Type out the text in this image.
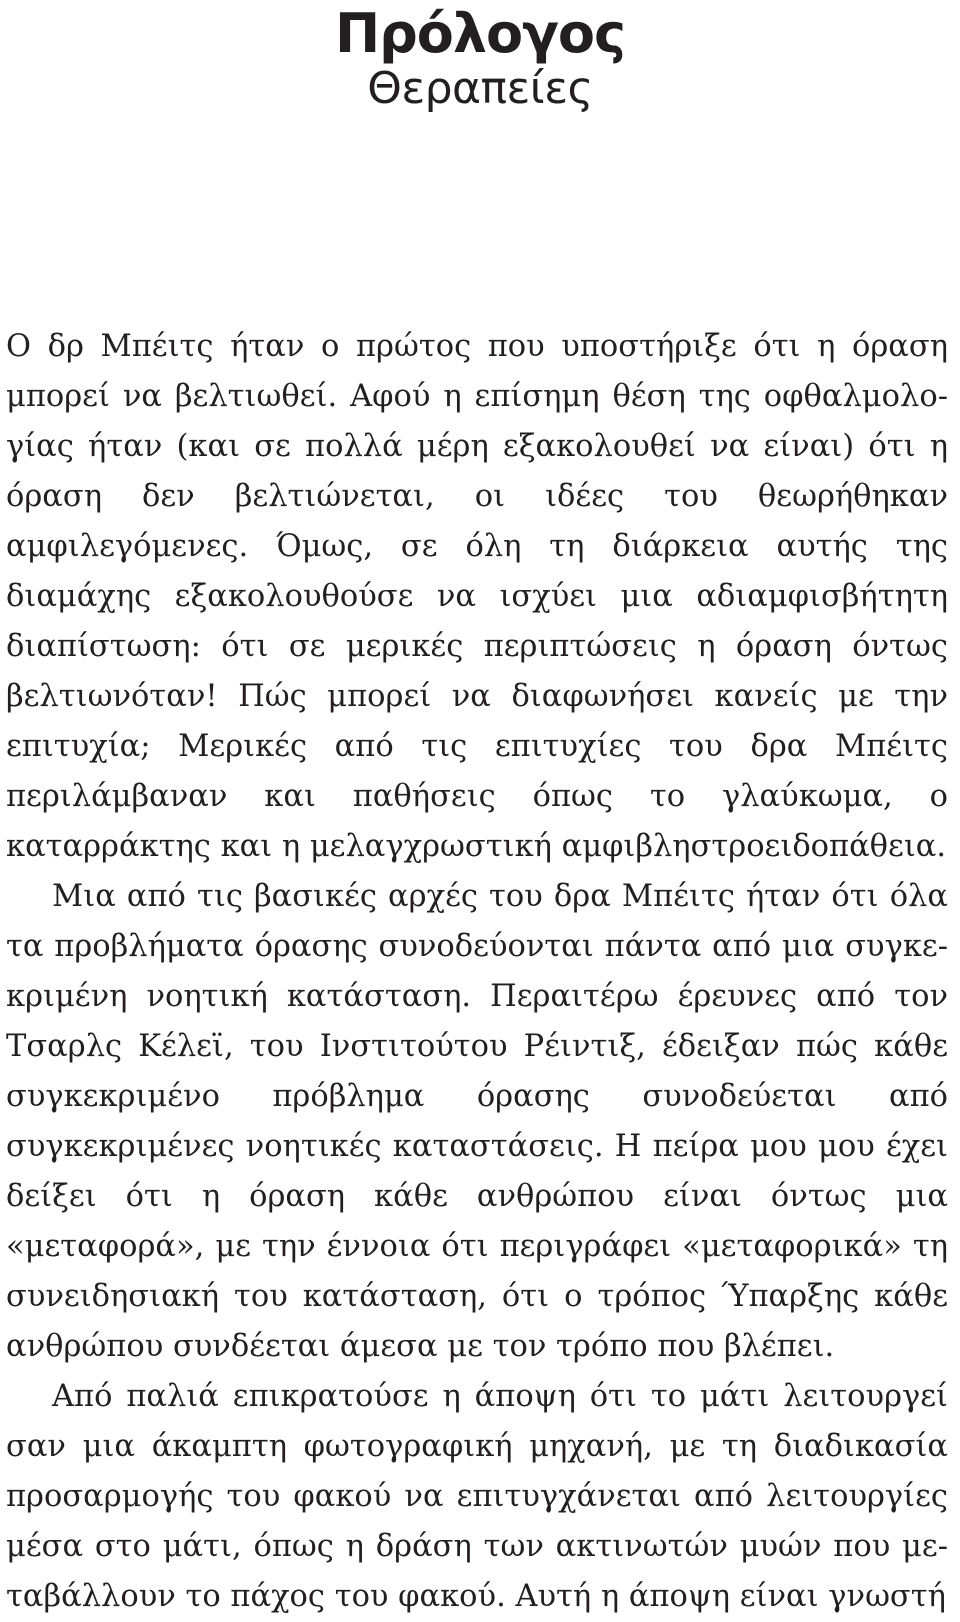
Πρόλογος
Θεραπείες

Ο δρ Μπέιτς ήταν ο πρώτος που υποστήριξε ότι η όραση μπορεί να βελτιωθεί. Αφού η επίσημη θέση της οφθαλμολογίας ήταν (και σε πολλά μέρη εξακολουθεί να είναι) ότι η όραση δεν βελτιώνεται, οι ιδέες του θεωρήθηκαν αμφιλεγόμενες. Όμως, σε όλη τη διάρκεια αυτής της διαμάχης εξακολουθούσε να ισχύει μια αδιαμφισβήτητη διαπίστωση: ότι σε μερικές περιπτώσεις η όραση όντως βελτιωνόταν! Πώς μπορεί να διαφωνήσει κανείς με την επιτυχία; Μερικές από τις επιτυχίες του δρα Μπέιτς περιλάμβαναν και παθήσεις όπως το γλαύκωμα, ο καταρράκτης και η μελαγχρωστική αμφιβληστροειδοπάθεια.

Μια από τις βασικές αρχές του δρα Μπέιτς ήταν ότι όλα τα προβλήματα όρασης συνοδεύονται πάντα από μια συγκεκριμένη νοητική κατάσταση. Περαιτέρω έρευνες από τον Τσαρλς Κέλεϊ, του Ινστιτούτου Ρέιντιξ, έδειξαν πώς κάθε συγκεκριμένο πρόβλημα όρασης συνοδεύεται από συγκεκριμένες νοητικές καταστάσεις. Η πείρα μου μου έχει δείξει ότι η όραση κάθε ανθρώπου είναι όντως μια «μεταφορά», με την έννοια ότι περιγράφει «μεταφορικά» τη συνειδησιακή του κατάσταση, ότι ο τρόπος Ύπαρξης κάθε ανθρώπου συνδέεται άμεσα με τον τρόπο που βλέπει.

Από παλιά επικρατούσε η άποψη ότι το μάτι λειτουργεί σαν μια άκαμπτη φωτογραφική μηχανή, με τη διαδικασία προσαρμογής του φακού να επιτυγχάνεται από λειτουργίες μέσα στο μάτι, όπως η δράση των ακτινωτών μυών που μεταβάλλουν το πάχος του φακού. Αυτή η άποψη είναι γνωστή
